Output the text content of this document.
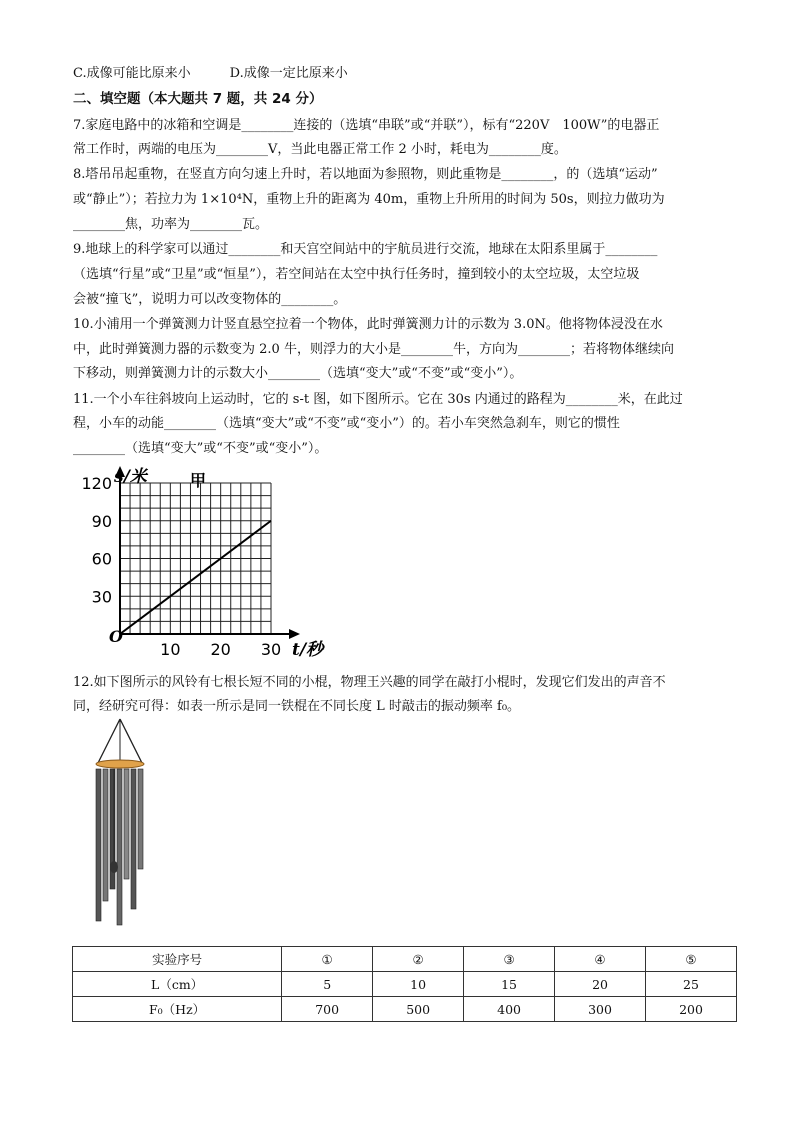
C.成像可能比原来小　　　D.成像一定比原来小
二、填空题（本大题共 7 题，共 24 分）
7.家庭电路中的冰箱和空调是________连接的（选填“串联”或“并联”），标有“220V　100W”的电器正
常工作时，两端的电压为________V，当此电器正常工作 2 小时，耗电为________度。
8.塔吊吊起重物，在竖直方向匀速上升时，若以地面为参照物，则此重物是________，的（选填“运动”
或“静止”）；若拉力为 1×10⁴N，重物上升的距离为 40m，重物上升所用的时间为 50s，则拉力做功为
________焦，功率为________瓦。
9.地球上的科学家可以通过________和天宫空间站中的宇航员进行交流，地球在太阳系里属于________
（选填“行星”或“卫星”或“恒星”），若空间站在太空中执行任务时，撞到较小的太空垃圾，太空垃圾
会被“撞飞”，说明力可以改变物体的________。
10.小浦用一个弹簧测力计竖直悬空拉着一个物体，此时弹簧测力计的示数为 3.0N。他将物体浸没在水
中，此时弹簧测力器的示数变为 2.0 牛，则浮力的大小是________牛，方向为________；若将物体继续向
下移动，则弹簧测力计的示数大小________（选填“变大”或“不变”或“变小”）。
11.一个小车往斜坡向上运动时，它的 s-t 图，如下图所示。它在 30s 内通过的路程为________米，在此过
程，小车的动能________（选填“变大”或“不变”或“变小”）的。若小车突然急刹车，则它的惯性
________（选填“变大”或“不变”或“变小”）。
10 20 30
30
60
90
120 s/米	甲
t/秒
O
12.如下图所示的风铃有七根长短不同的小棍，物理王兴趣的同学在敲打小棍时，发现它们发出的声音不
同，经研究可得：如表一所示是同一铁棍在不同长度 L 时敲击的振动频率 f₀。
实验序号	①	②	③	④	⑤
L（cm）	5	10	15	20	25
F₀（Hz）	700	500	400	300	200
